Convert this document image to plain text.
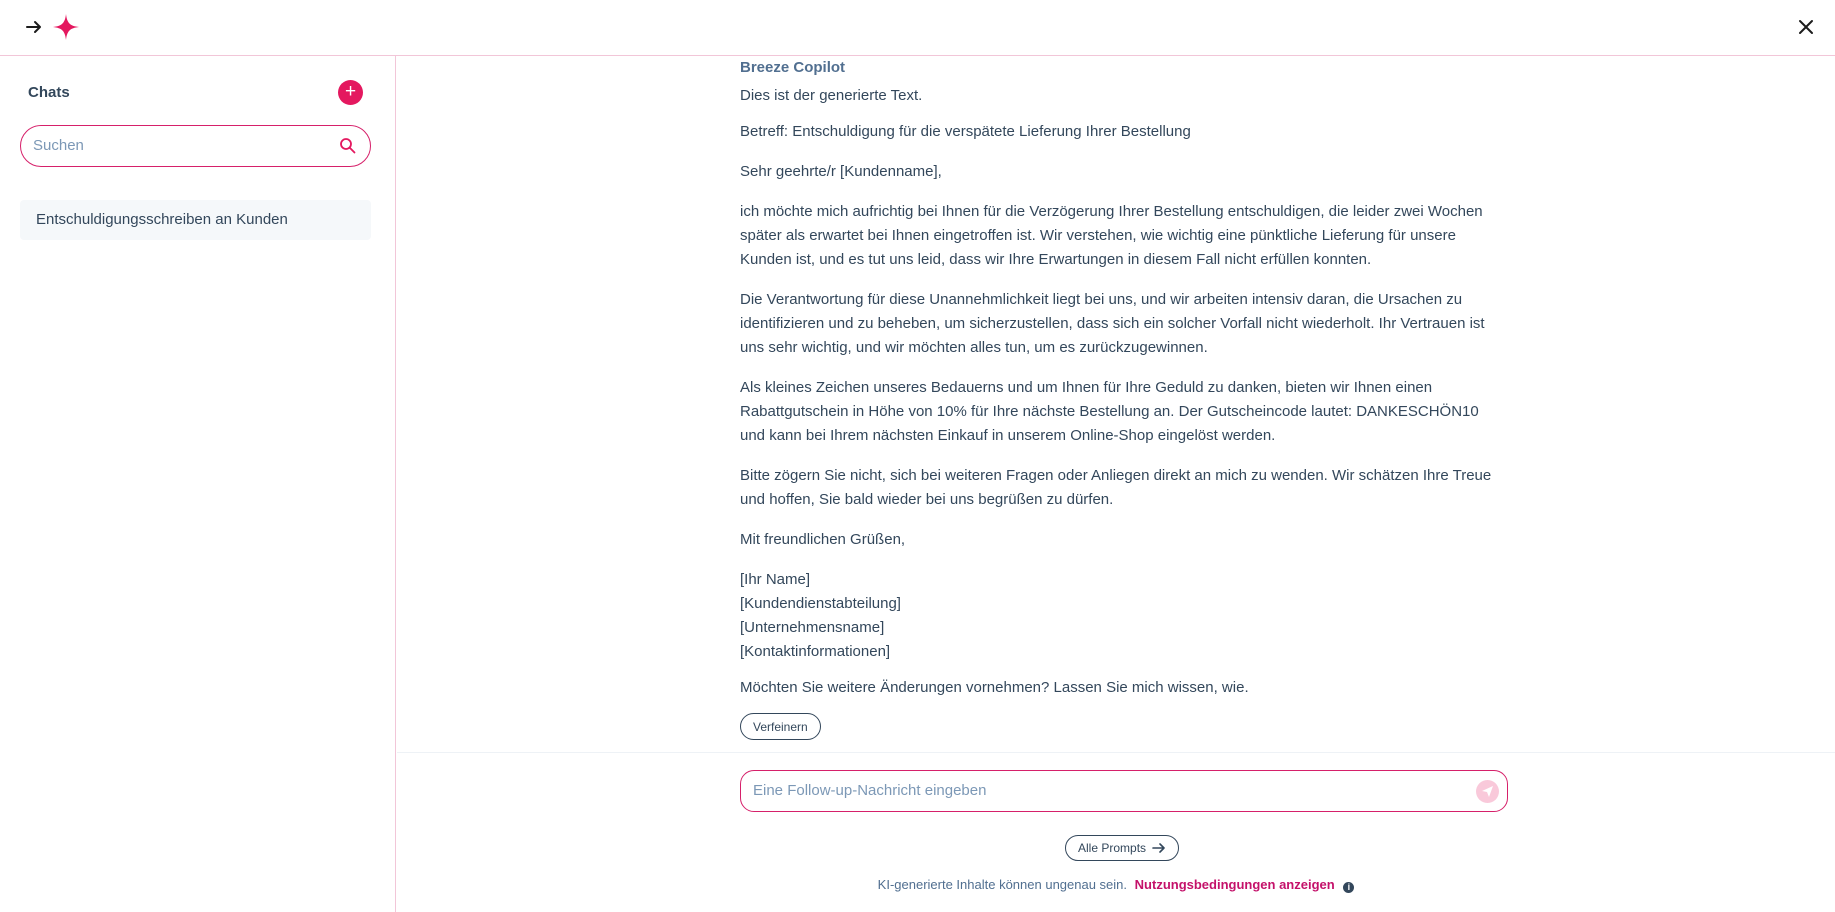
Chats	+
Suchen
Entschuldigungsschreiben an Kunden
Breeze Copilot

Dies ist der generierte Text.

Betreff: Entschuldigung für die verspätete Lieferung Ihrer Bestellung

Sehr geehrte/r [Kundenname],

ich möchte mich aufrichtig bei Ihnen für die Verzögerung Ihrer Bestellung entschuldigen, die leider zwei Wochen später als erwartet bei Ihnen eingetroffen ist. Wir verstehen, wie wichtig eine pünktliche Lieferung für unsere Kunden ist, und es tut uns leid, dass wir Ihre Erwartungen in diesem Fall nicht erfüllen konnten.

Die Verantwortung für diese Unannehmlichkeit liegt bei uns, und wir arbeiten intensiv daran, die Ursachen zu identifizieren und zu beheben, um sicherzustellen, dass sich ein solcher Vorfall nicht wiederholt. Ihr Vertrauen ist uns sehr wichtig, und wir möchten alles tun, um es zurückzugewinnen.

Als kleines Zeichen unseres Bedauerns und um Ihnen für Ihre Geduld zu danken, bieten wir Ihnen einen Rabattgutschein in Höhe von 10% für Ihre nächste Bestellung an. Der Gutscheincode lautet: DANKESCHÖN10 und kann bei Ihrem nächsten Einkauf in unserem Online-Shop eingelöst werden.

Bitte zögern Sie nicht, sich bei weiteren Fragen oder Anliegen direkt an mich zu wenden. Wir schätzen Ihre Treue und hoffen, Sie bald wieder bei uns begrüßen zu dürfen.

Mit freundlichen Grüßen,

[Ihr Name]

[Kundendienstabteilung]

[Unternehmensname]

[Kontaktinformationen]

Möchten Sie weitere Änderungen vornehmen? Lassen Sie mich wissen, wie.

Verfeinern
Eine Follow-up-Nachricht eingeben
Alle Prompts
KI-generierte Inhalte können ungenau sein. Nutzungsbedingungen anzeigen i
